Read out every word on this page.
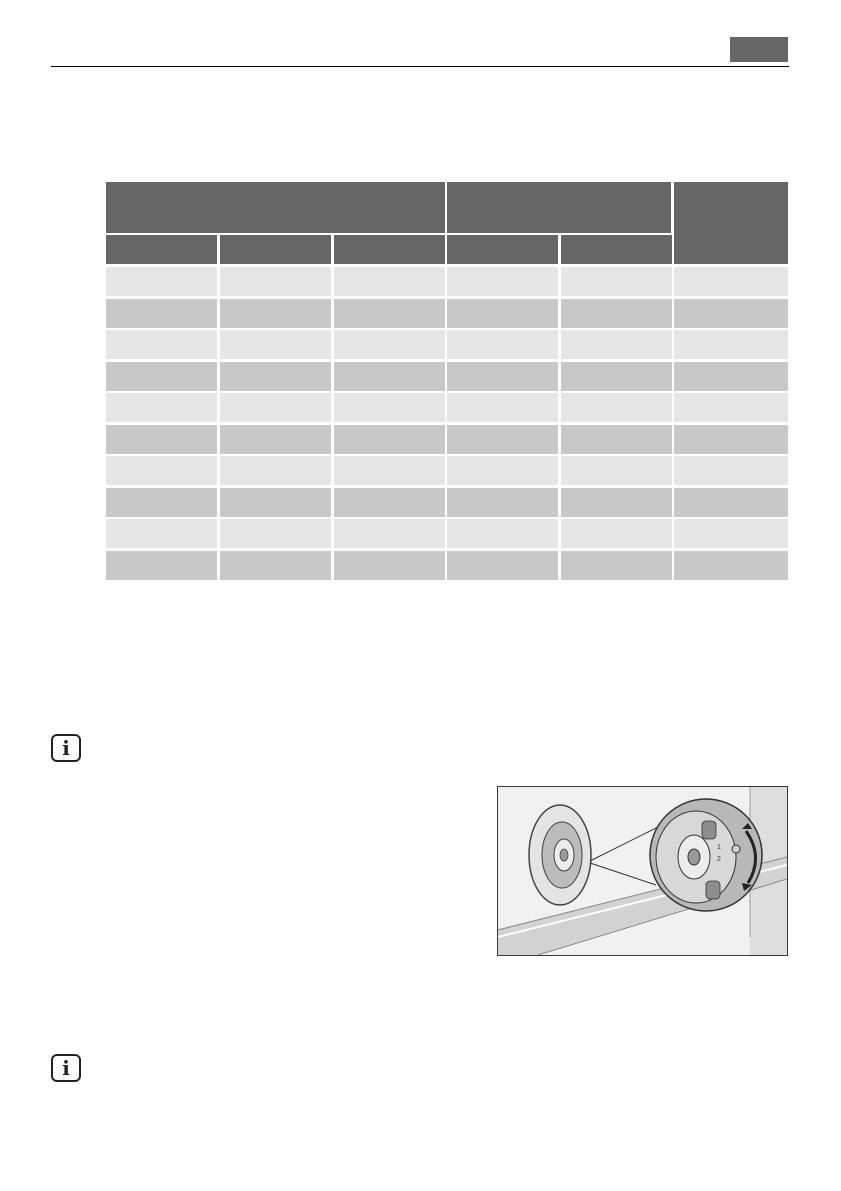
i
i
1
2
